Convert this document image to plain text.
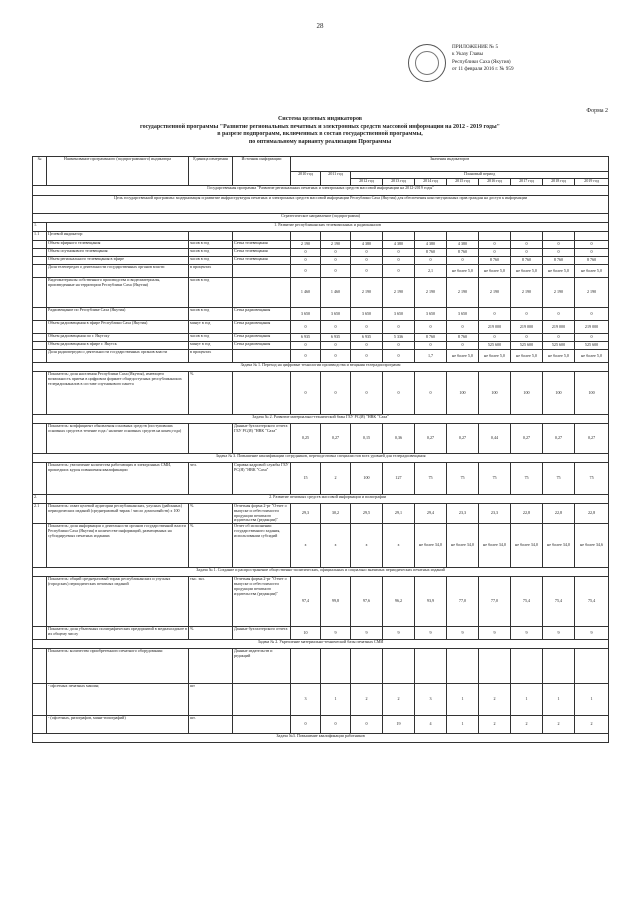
28
ПРИЛОЖЕНИЕ № 5
к Указу Главы
Республики Саха (Якутия)
от 11 февраля 2016 г. № 959
Форма 2
Система целевых индикаторов
государственной программы "Развитие региональных печатных и электронных средств массовой информации на 2012 - 2019 годы"
в разрезе подпрограмм, включенных в состав государственной программы,
по оптимальному варианту реализации Программы
№	Наименование программного (подпрограммного) индикатора	Единица измерения	Источник информации	Значения индикаторов									
				2010 год	2011 год	Плановый период							
						2012 год	2013 год	2014 год	2015 год	2016 год	2017 год	2018 год	2019 год
Государственная программа "Развитие региональных печатных и электронных средств массовой информации на 2012-2019 годы"													
Цель государственной программы: модернизация и развитие инфраструктуры печатных и электронных средств массовой информации Республики Саха (Якутия) для обеспечения конституционных прав граждан на доступ к информации													
Стратегическое направление (подпрограмма)													
1.	1. Развитие республиканских телевизионных и радиоканалов												
1.1	Целевой индикатор:												
	Объем эфирного телевещания	часов в год	Сетка телевещания	2 190	2 190	4 380	4 380	4 380	4 380	0	0	0	0
	Объем спутникового телевещания	часов в год	Сетка телевещания	0	0	0	0	8 760	8 760	0	0	0	0
	Объем регионального телевещания в эфире	часов в год	Сетка телевещания	0	0	0	0	0	0	8 760	8 760	8 760	8 760
	Доля телепередач о деятельности государственных органов власти	в процентах		0	0	0	0	2,1	не более 5,0	не более 5,0	не более 5,0	не более 5,0	не более 5,0
	Видеоматериалы собственного производства и видеоматериалы, произведенные на территории Республики Саха (Якутия)	часов в год		1 460	1 460	2 190	2 190	2 190	2 190	2 190	2 190	2 190	2 190
	Радиовещание по Республике Саха (Якутия)	часов в год	Сетка радиовещания	3 650	3 650	3 650	3 650	3 650	3 650	0	0	0	0
	Объем радиовещания в эфире Республики Саха (Якутия)	минут в год	Сетка радиовещания	0	0	0	0	0	0	219 000	219 000	219 000	219 000
	Объем радиовещания по г. Якутску	часов в год	Сетка радиовещания	6 935	6 935	6 935	5 336	8 760	8 760	0	0	0	0
	Объем радиовещания в эфире г. Якутск	минут в год	Сетка радиовещания	0	0	0	0	0	0	525 600	525 600	525 600	525 600
	Доля радиопередач о деятельности государственных органов власти	в процентах		0	0	0	0	1,7	не более 5,0	не более 5,0	не более 5,0	не более 5,0	не более 5,0
Задача № 1. Переход на цифровые технологии производства и вещания телерадиопрограмм													
	Показатель: доля населения Республики Саха (Якутия), имеющего возможность приема в цифровом формате общедоступных республиканских телерадиоканалов в составе спутникового пакета	%		0	0	0	0	0	100	100	100	100	100
Задача № 2. Развитие материально-технической базы ГБУ РС(Я) "НВК "Саха"													
	Показатель: коэффициент обновления основных средств (поступивших основных средств в течение года / наличие основных средств на конец года)		Данные бухгалтерского отчета ГБУ РС(Я) "НВК "Саха"	0,25	0,27	0,15	0,36	0,27	0,27	0,44	0,27	0,27	0,27
Задача № 3. Повышение квалификации сотрудников, переподготовка специалистов всех уровней для телерадиовещания													
	Показатель: увеличение количества работающих в электронных СМИ, прошедших курсы повышения квалификации	чел.	Справка кадровой службы ГБУ РС(Я) "НВК "Саха"	15	2	100	127	75	75	75	75	75	75
2.	2. Развитие печатных средств массовой информации и полиграфии												
2.1	Показатель: охват целевой аудитории республиканских, улусных (районных) периодических изданий (среднеразовый тираж / число домохозяйств) х 100	%	Отчетная форма 2-рг "Отчет о выпуске и себестоимости продукции печатного издательства (редакции)"	29,3	30,2	29,5	29,1	29,4	23,3	23,3	22,8	22,8	22,8
	Показатель: доля информации о деятельности органов государственной власти Республики Саха (Якутия) в количестве информаций, размещенных на субсидируемых печатных изданиях	%	Отчет об исполнении государственного задания, использовании субсидий	x	x	x	x	не более 34,0	не более 34,0	не более 34,0	не более 34,0	не более 34,0	не более 34,6
Задача № 1. Создание и распространение общественно-политических, официальных и социально значимых периодических печатных изданий													
	Показатель: общий среднеразовый тираж республиканских и улусных (городских) периодических печатных изданий	тыс. экз.	Отчетная форма 2-рг "Отчет о выпуске и себестоимости продукции печатного издательства (редакции)"	97,4	99,8	97,6	96,2	93,9	77,0	77,0	75,4	75,4	75,4
	Показатель: доля убыточных полиграфических предприятий в медиахолдинге в их общему числу	%	Данные бухгалтерского отчета	10	9	9	9	9	9	9	9	9	9
Задача № 2. Укрепление материально-технической базы печатных СМИ													
	Показатель: количество приобретенного печатного оборудования:		Данные издательств и редакций										
	- офсетных печатных машин;	шт		3	1	2	2	3	1	2	1	1	1
	- (офсетных, ризографов, мини-типографий)	шт.		0	0	0	19	4	1	2	2	2	2
Задача №3. Повышение квалификации работников													
